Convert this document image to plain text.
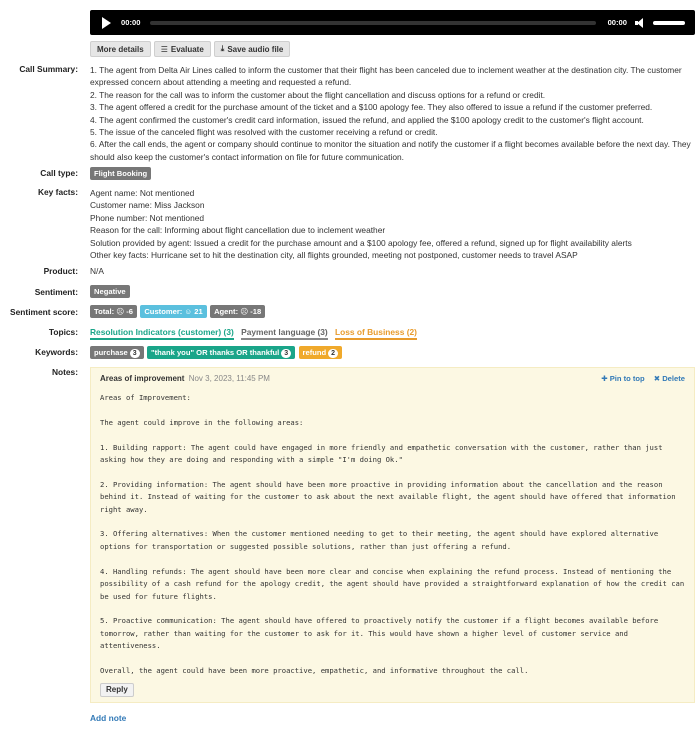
00:00	00:00
More details ☰ Evaluate ⤓ Save audio file
Call Summary: 1. The agent from Delta Air Lines called to inform the customer that their flight has been canceled due to inclement weather at the destination city. The customer expressed concern about attending a meeting and requested a refund.
2. The reason for the call was to inform the customer about the flight cancellation and discuss options for a refund or credit.
3. The agent offered a credit for the purchase amount of the ticket and a $100 apology fee. They also offered to issue a refund if the customer preferred.
4. The agent confirmed the customer's credit card information, issued the refund, and applied the $100 apology credit to the customer's flight account.
5. The issue of the canceled flight was resolved with the customer receiving a refund or credit.
6. After the call ends, the agent or company should continue to monitor the situation and notify the customer if a flight becomes available before the next day. They should also keep the customer's contact information on file for future communication.
Call type:	Flight Booking
Key facts: Agent name: Not mentioned
Customer name: Miss Jackson
Phone number: Not mentioned
Reason for the call: Informing about flight cancellation due to inclement weather
Solution provided by agent: Issued a credit for the purchase amount and a $100 apology fee, offered a refund, signed up for flight availability alerts
Other key facts: Hurricane set to hit the destination city, all flights grounded, meeting not postponed, customer needs to travel ASAP
Product: N/A
Sentiment:	Negative
Sentiment score:	Total: ☹ -6 Customer: ☺ 21 Agent: ☹ -18
Topics: Resolution Indicators (customer) (3) Payment language (3) Loss of Business (2)
Keywords:	purchase 3 "thank you" OR thanks OR thankful 3 refund 2
Notes:
Areas of improvement Nov 3, 2023, 11:45 PM	✚ Pin to top ✖ Delete
Areas of Improvement:

The agent could improve in the following areas:

1. Building rapport: The agent could have engaged in more friendly and empathetic conversation with the customer, rather than just asking how they are doing and responding with a simple "I'm doing Ok."

2. Providing information: The agent should have been more proactive in providing information about the cancellation and the reason behind it. Instead of waiting for the customer to ask about the next available flight, the agent should have offered that information right away.

3. Offering alternatives: When the customer mentioned needing to get to their meeting, the agent should have explored alternative options for transportation or suggested possible solutions, rather than just offering a refund.

4. Handling refunds: The agent should have been more clear and concise when explaining the refund process. Instead of mentioning the possibility of a cash refund for the apology credit, the agent should have provided a straightforward explanation of how the credit can be used for future flights.

5. Proactive communication: The agent should have offered to proactively notify the customer if a flight becomes available before tomorrow, rather than waiting for the customer to ask for it. This would have shown a higher level of customer service and attentiveness.

Overall, the agent could have been more proactive, empathetic, and informative throughout the call.
Reply
Add note
